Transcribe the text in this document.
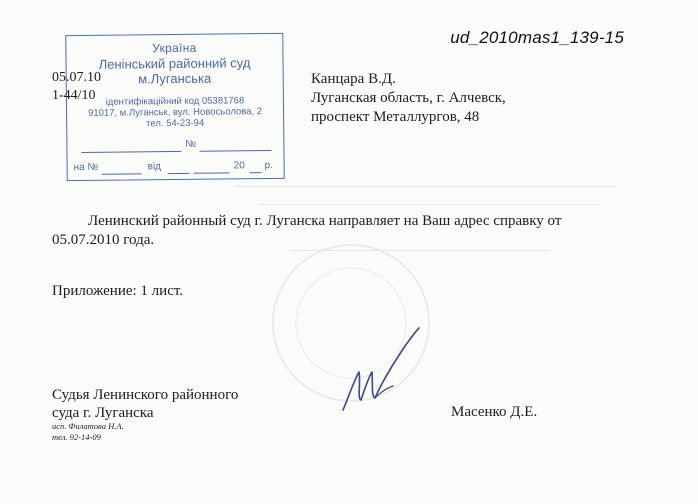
ud_2010mas1_139-15
Україна
Ленінський районний суд
м.Луганська
ідентифікаційний код 05381768
91017, м.Луганськ, вул. Новосьолова, 2
тел. 54-23-94
№
на №	від	20 р.
05.07.10
1-44/10
Канцара В.Д.
Луганская область, г. Алчевск,
проспект Металлургов, 48
Ленинский районный суд г. Луганска направляет на Ваш адрес справку от
05.07.2010 года.
Приложение: 1 лист.
Судья Ленинского районного
суда г. Луганска
исп. Филатова Н.А.
тел. 92-14-09
Масенко Д.Е.
